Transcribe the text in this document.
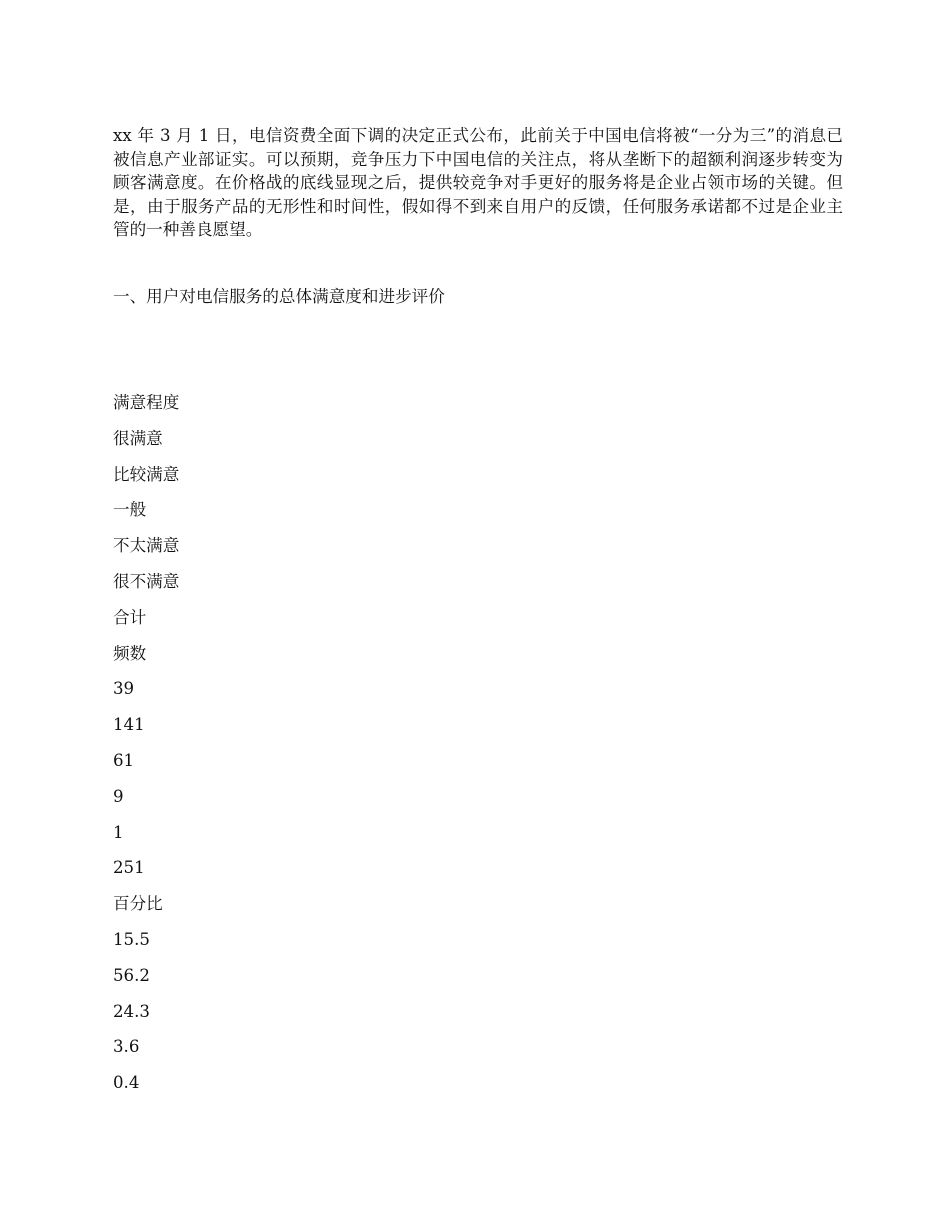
xx 年 3 月 1 日，电信资费全面下调的决定正式公布，此前关于中国电信将被“一分为三”的消息已被信息产业部证实。可以预期，竞争压力下中国电信的关注点，将从垄断下的超额利润逐步转变为顾客满意度。在价格战的底线显现之后，提供较竞争对手更好的服务将是企业占领市场的关键。但是，由于服务产品的无形性和时间性，假如得不到来自用户的反馈，任何服务承诺都不过是企业主管的一种善良愿望。

一、用户对电信服务的总体满意度和进步评价
满意程度
很满意
比较满意
一般
不太满意
很不满意
合计
频数
39
141
61
9
1
251
百分比
15.5
56.2
24.3
3.6
0.4
